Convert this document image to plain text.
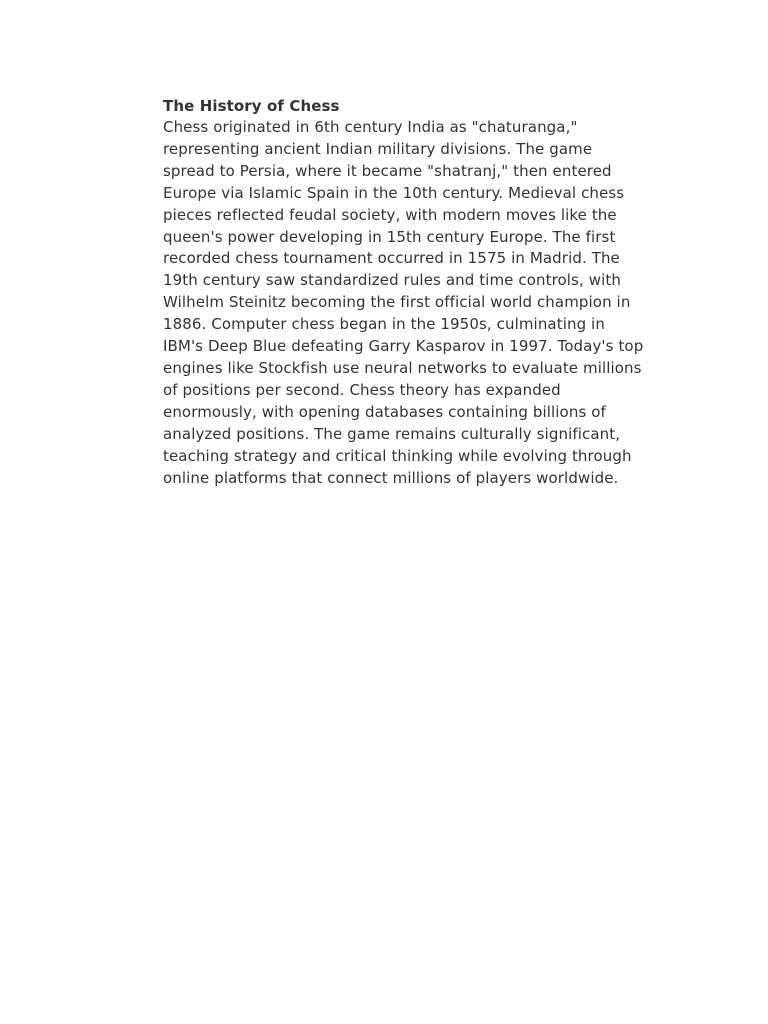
The History of Chess

Chess originated in 6th century India as "chaturanga," representing ancient Indian military divisions. The game spread to Persia, where it became "shatranj," then entered Europe via Islamic Spain in the 10th century. Medieval chess pieces reflected feudal society, with modern moves like the queen's power developing in 15th century Europe. The first recorded chess tournament occurred in 1575 in Madrid. The 19th century saw standardized rules and time controls, with Wilhelm Steinitz becoming the first official world champion in 1886. Computer chess began in the 1950s, culminating in IBM's Deep Blue defeating Garry Kasparov in 1997. Today's top engines like Stockfish use neural networks to evaluate millions of positions per second. Chess theory has expanded enormously, with opening databases containing billions of analyzed positions. The game remains culturally significant, teaching strategy and critical thinking while evolving through online platforms that connect millions of players worldwide.
